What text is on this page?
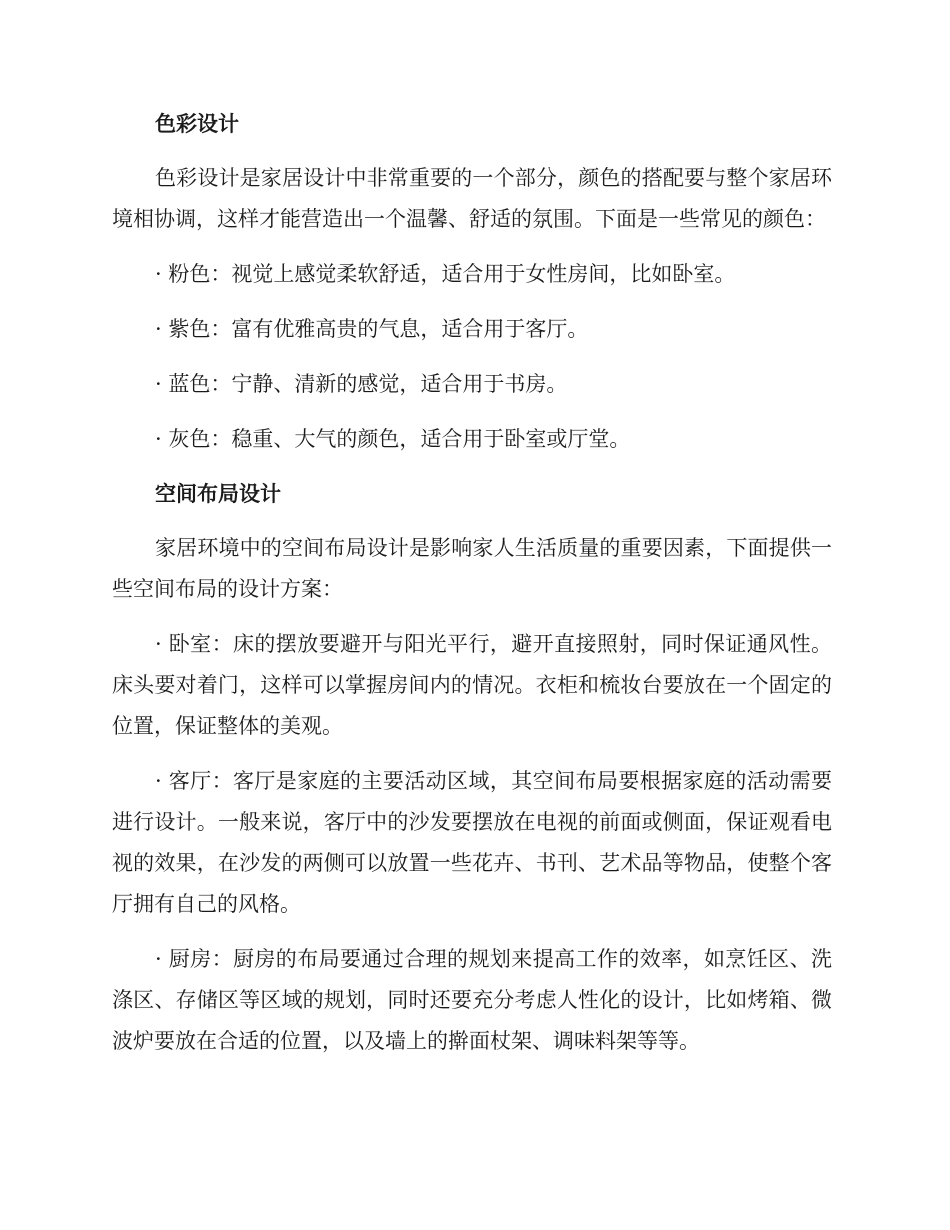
色彩设计

色彩设计是家居设计中非常重要的一个部分，颜色的搭配要与整个家居环境相协调，这样才能营造出一个温馨、舒适的氛围。下面是一些常见的颜色：

· 粉色：视觉上感觉柔软舒适，适合用于女性房间，比如卧室。

· 紫色：富有优雅高贵的气息，适合用于客厅。

· 蓝色：宁静、清新的感觉，适合用于书房。

· 灰色：稳重、大气的颜色，适合用于卧室或厅堂。

空间布局设计

家居环境中的空间布局设计是影响家人生活质量的重要因素，下面提供一些空间布局的设计方案：

· 卧室：床的摆放要避开与阳光平行，避开直接照射，同时保证通风性。床头要对着门，这样可以掌握房间内的情况。衣柜和梳妆台要放在一个固定的位置，保证整体的美观。

· 客厅：客厅是家庭的主要活动区域，其空间布局要根据家庭的活动需要进行设计。一般来说，客厅中的沙发要摆放在电视的前面或侧面，保证观看电视的效果，在沙发的两侧可以放置一些花卉、书刊、艺术品等物品，使整个客厅拥有自己的风格。

· 厨房：厨房的布局要通过合理的规划来提高工作的效率，如烹饪区、洗涤区、存储区等区域的规划，同时还要充分考虑人性化的设计，比如烤箱、微波炉要放在合适的位置，以及墙上的擀面杖架、调味料架等等。
